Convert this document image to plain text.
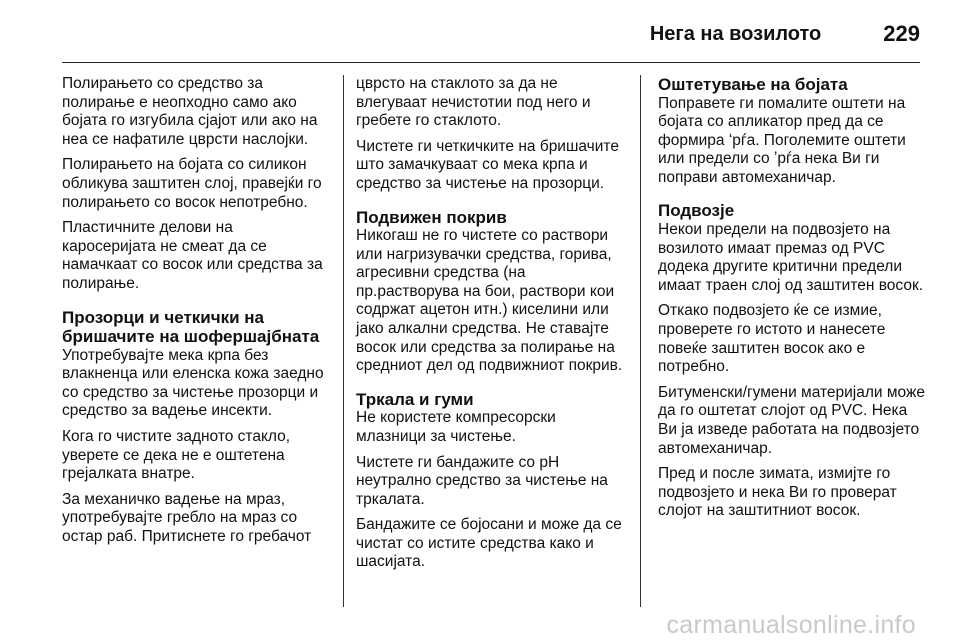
Нега на возилото	229

Полирањето со средство за полирање е неопходно само ако бојата го изгубила сјајот или ако на неа се нафатиле цврсти наслојки.

Полирањето на бојата со силикон обликува заштитен слој, правејќи го полирањето со восок непотребно.

Пластичните делови на каросеријата не смеат да се намачкаат со восок или средства за полирање.

Прозорци и четкички на бришачите на шофершајбната

Употребувајте мека крпа без влакненца или еленска кожа заедно со средство за чистење прозорци и средство за вадење инсекти.

Кога го чистите задното стакло, уверете се дека не е оштетена грејалката внатре.

За механичко вадење на мраз, употребувајте гребло на мраз со остар раб. Притиснете го гребачот

цврсто на стаклото за да не влегуваат нечистотии под него и гребете го стаклото.

Чистете ги четкичките на бришачите што замачкуваат со мека крпа и средство за чистење на прозорци.

Подвижен покрив

Никогаш не го чистете со раствори или нагризувачки средства, горива, агресивни средства (на пр.растворува на бои, раствори кои содржат ацетон итн.) киселини или јако алкални средства. Не ставајте восок или средства за полирање на средниот дел од подвижниот покрив.

Тркала и гуми

Не користете компресорски млазници за чистење.

Чистете ги бандажите со pH неутрално средство за чистење на тркалата.

Бандажите се бојосани и може да се чистат со истите средства како и шасијата.

Оштетување на бојата

Поправете ги помалите оштети на бојата со апликатор пред да се формира ʻрѓа. Поголемите оштети или предели со ʼрѓа нека Ви ги поправи автомеханичар.

Подвозје

Некои предели на подвозјето на возилото имаат премаз од PVC додека другите критични предели имаат траен слој од заштитен восок.

Откако подвозјето ќе се измие, проверете го истото и нанесете повеќе заштитен восок ако е потребно.

Битуменски/гумени материјали може да го оштетат слојот од PVC. Нека Ви ја изведе работата на подвозјето автомеханичар.

Пред и после зимата, измијте го подвозјето и нека Ви го проверат слојот на заштитниот восок.

carmanualsonline.info
